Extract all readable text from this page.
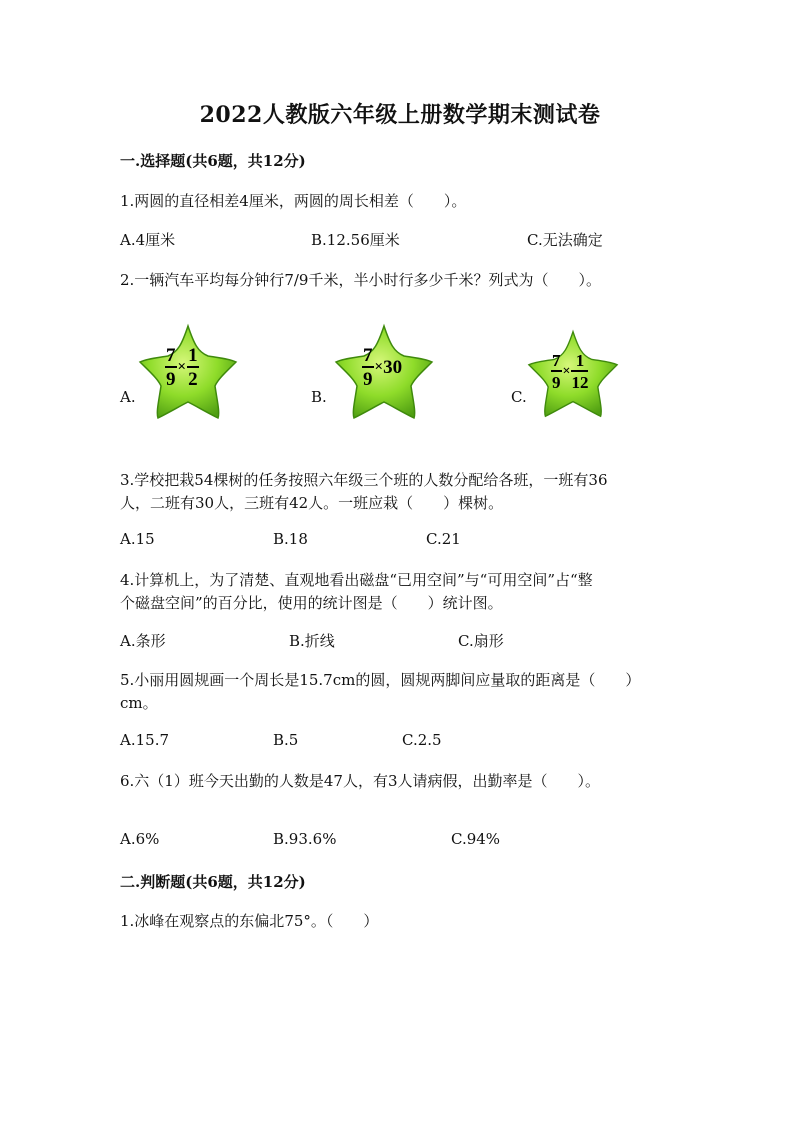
2022人教版六年级上册数学期末测试卷
一.选择题(共6题，共12分)
1.两圆的直径相差4厘米，两圆的周长相差（　　）。
A.4厘米	B.12.56厘米	C.无法确定
2.一辆汽车平均每分钟行7/9千米，半小时行多少千米？列式为（　　）。
A.
$\frac{7}{9} \times \frac{1}{2}$
B.
$\frac{7}{9} \times 30$
C.
$\frac{7}{9} \times \frac{1}{12}$
3.学校把栽54棵树的任务按照六年级三个班的人数分配给各班，一班有36
人，二班有30人，三班有42人。一班应栽（　　）棵树。
A.15	B.18	C.21
4.计算机上，为了清楚、直观地看出磁盘“已用空间”与“可用空间”占“整
个磁盘空间”的百分比，使用的统计图是（　　）统计图。
A.条形	B.折线	C.扇形
5.小丽用圆规画一个周长是15.7cm的圆，圆规两脚间应量取的距离是（　　）
cm。
A.15.7	B.5	C.2.5
6.六（1）班今天出勤的人数是47人，有3人请病假，出勤率是（　　）。
A.6%	B.93.6%	C.94%
二.判断题(共6题，共12分)
1.冰峰在观察点的东偏北75°。（　　）
